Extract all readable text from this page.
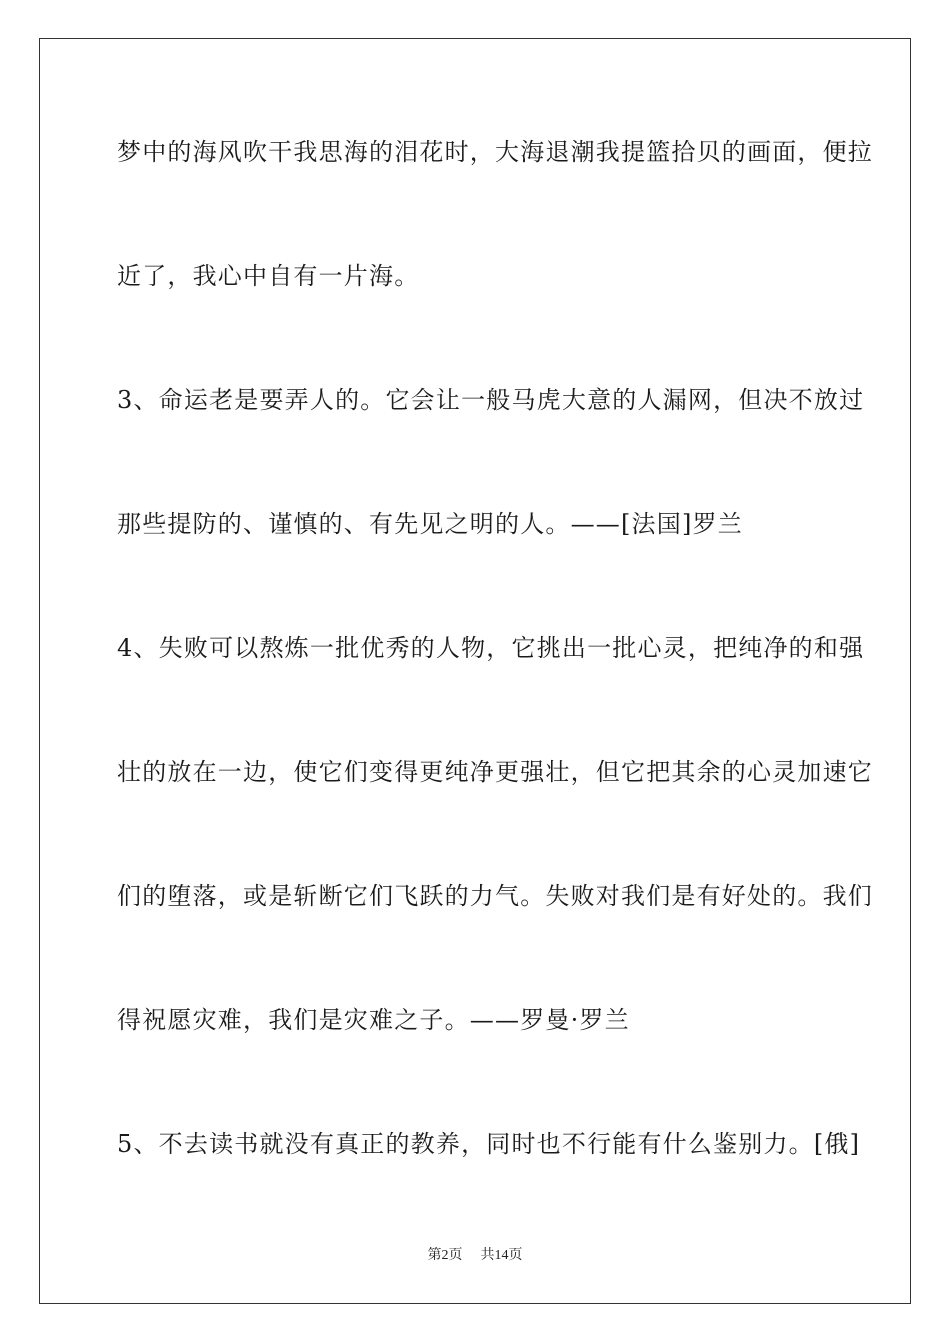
梦中的海风吹干我思海的泪花时，大海退潮我提篮拾贝的画面，便拉
近了，我心中自有一片海。
3、命运老是要弄人的。它会让一般马虎大意的人漏网，但决不放过
那些提防的、谨慎的、有先见之明的人。——[法国]罗兰
4、失败可以熬炼一批优秀的人物，它挑出一批心灵，把纯净的和强
壮的放在一边，使它们变得更纯净更强壮，但它把其余的心灵加速它
们的堕落，或是斩断它们飞跃的力气。失败对我们是有好处的。我们
得祝愿灾难，我们是灾难之子。——罗曼·罗兰
5、不去读书就没有真正的教养，同时也不行能有什么鉴别力。[俄]
第2页 共14页
